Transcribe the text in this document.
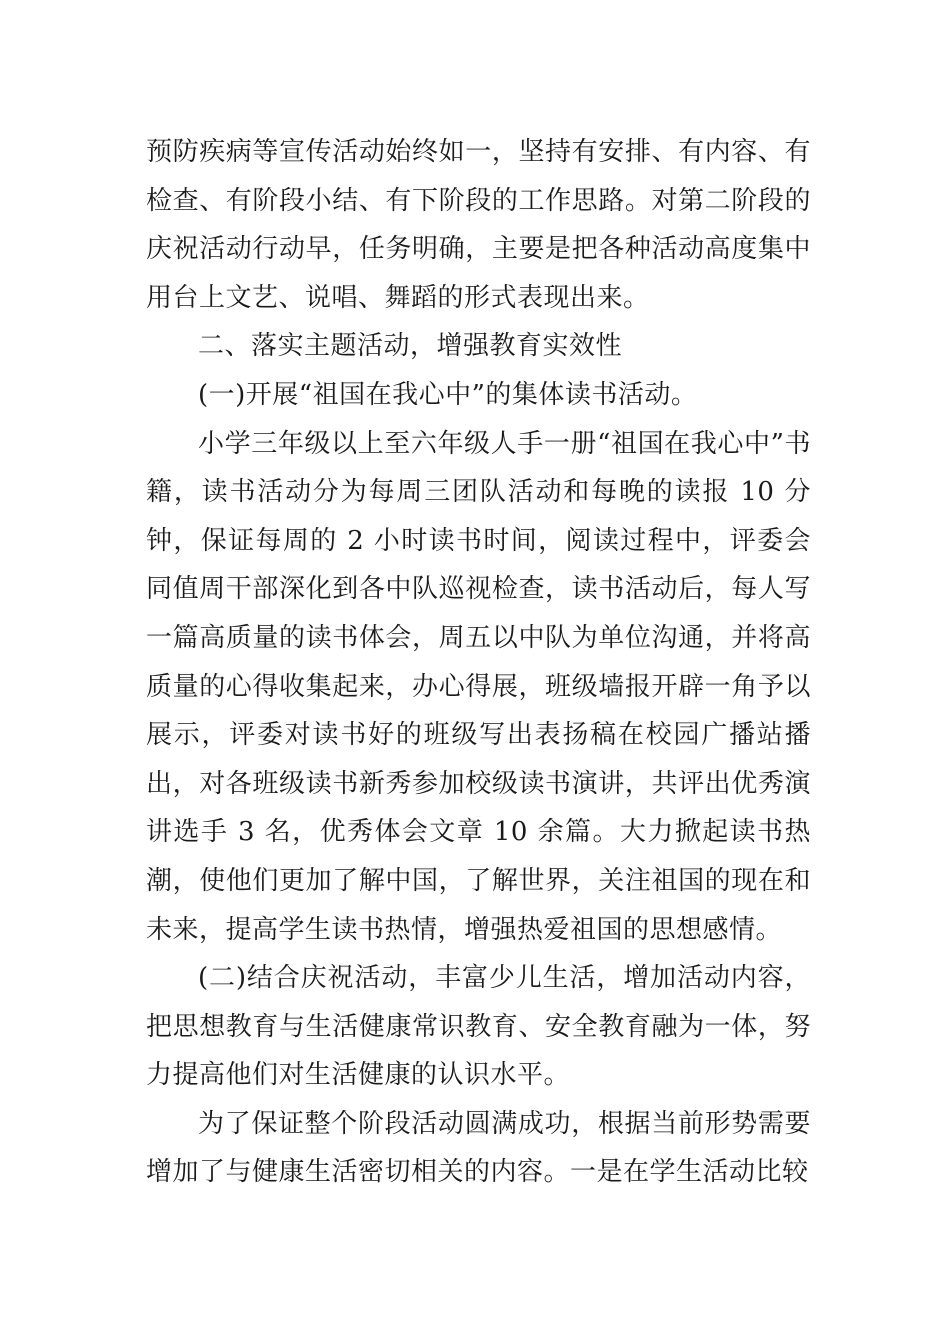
预防疾病等宣传活动始终如一，坚持有安排、有内容、有检查、有阶段小结、有下阶段的工作思路。对第二阶段的庆祝活动行动早，任务明确，主要是把各种活动高度集中用台上文艺、说唱、舞蹈的形式表现出来。

二、落实主题活动，增强教育实效性

(一)开展“祖国在我心中”的集体读书活动。

小学三年级以上至六年级人手一册“祖国在我心中”书籍，读书活动分为每周三团队活动和每晚的读报 10 分钟，保证每周的 2 小时读书时间，阅读过程中，评委会同值周干部深化到各中队巡视检查，读书活动后，每人写一篇高质量的读书体会，周五以中队为单位沟通，并将高质量的心得收集起来，办心得展，班级墙报开辟一角予以展示，评委对读书好的班级写出表扬稿在校园广播站播出，对各班级读书新秀参加校级读书演讲，共评出优秀演讲选手 3 名，优秀体会文章 10 余篇。大力掀起读书热潮，使他们更加了解中国，了解世界，关注祖国的现在和未来，提高学生读书热情，增强热爱祖国的思想感情。

(二)结合庆祝活动，丰富少儿生活，增加活动内容，把思想教育与生活健康常识教育、安全教育融为一体，努力提高他们对生活健康的认识水平。

为了保证整个阶段活动圆满成功，根据当前形势需要增加了与健康生活密切相关的内容。一是在学生活动比较
